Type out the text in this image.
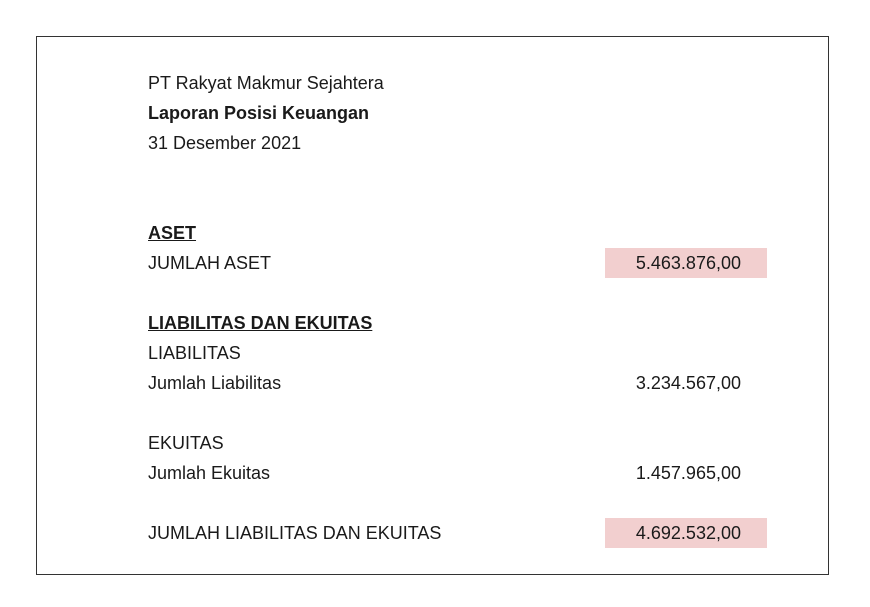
PT Rakyat Makmur Sejahtera
Laporan Posisi Keuangan
31 Desember 2021
ASET
JUMLAH ASET	5.463.876,00
LIABILITAS DAN EKUITAS
LIABILITAS
Jumlah Liabilitas	3.234.567,00
EKUITAS
Jumlah Ekuitas	1.457.965,00
JUMLAH LIABILITAS DAN EKUITAS	4.692.532,00
